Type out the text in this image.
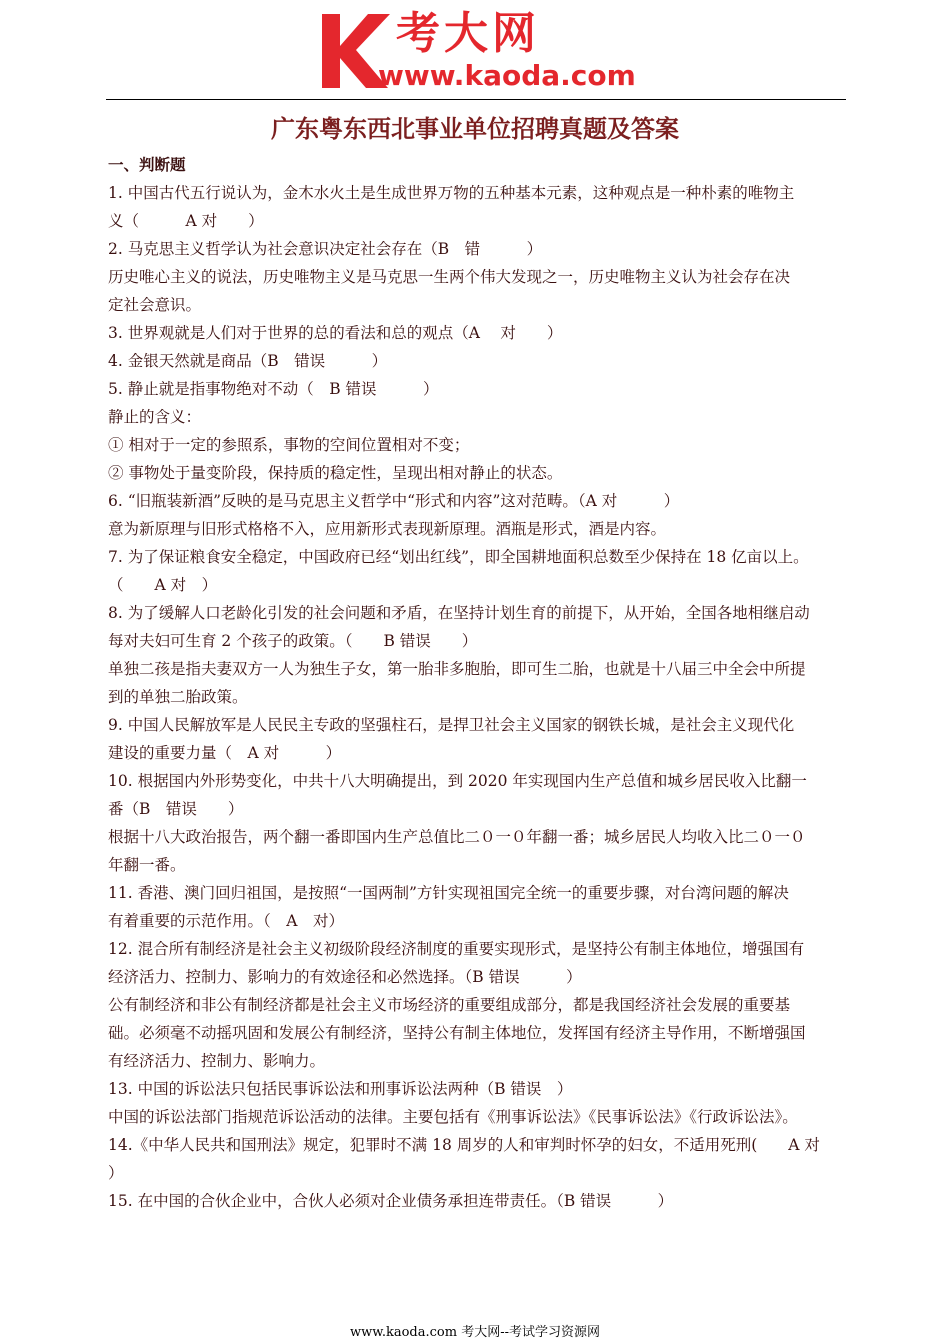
考大网
www.kaoda.com
广东粤东西北事业单位招聘真题及答案
一、判断题
1. 中国古代五行说认为，金木水火土是生成世界万物的五种基本元素，这种观点是一种朴素的唯物主
义（　　　A 对　　）
2. 马克思主义哲学认为社会意识决定社会存在（B　错　　　）
历史唯心主义的说法，历史唯物主义是马克思一生两个伟大发现之一，历史唯物主义认为社会存在决
定社会意识。
3. 世界观就是人们对于世界的总的看法和总的观点（A　 对　　）
4. 金银天然就是商品（B　错误　　　）
5. 静止就是指事物绝对不动（　B 错误　　　）
静止的含义：
① 相对于一定的参照系，事物的空间位置相对不变；
② 事物处于量变阶段，保持质的稳定性，呈现出相对静止的状态。
6. “旧瓶装新酒”反映的是马克思主义哲学中“形式和内容”这对范畴。（A 对　　　）
意为新原理与旧形式格格不入，应用新形式表现新原理。酒瓶是形式，酒是内容。
7. 为了保证粮食安全稳定，中国政府已经“划出红线”，即全国耕地面积总数至少保持在 18 亿亩以上。
（　　A 对　）
8. 为了缓解人口老龄化引发的社会问题和矛盾，在坚持计划生育的前提下，从开始，全国各地相继启动
每对夫妇可生育 2 个孩子的政策。（　　B 错误　　）
单独二孩是指夫妻双方一人为独生子女，第一胎非多胞胎，即可生二胎，也就是十八届三中全会中所提
到的单独二胎政策。
9. 中国人民解放军是人民民主专政的坚强柱石，是捍卫社会主义国家的钢铁长城，是社会主义现代化
建设的重要力量（　A 对　　　）
10. 根据国内外形势变化，中共十八大明确提出，到 2020 年实现国内生产总值和城乡居民收入比翻一
番（B　错误　　）
根据十八大政治报告，两个翻一番即国内生产总值比二０一０年翻一番；城乡居民人均收入比二０一０
年翻一番。
11. 香港、澳门回归祖国，是按照“一国两制”方针实现祖国完全统一的重要步骤，对台湾问题的解决
有着重要的示范作用。（　A　对）
12. 混合所有制经济是社会主义初级阶段经济制度的重要实现形式，是坚持公有制主体地位，增强国有
经济活力、控制力、影响力的有效途径和必然选择。（B 错误　　　）
公有制经济和非公有制经济都是社会主义市场经济的重要组成部分，都是我国经济社会发展的重要基
础。必须毫不动摇巩固和发展公有制经济，坚持公有制主体地位，发挥国有经济主导作用，不断增强国
有经济活力、控制力、影响力。
13. 中国的诉讼法只包括民事诉讼法和刑事诉讼法两种（B 错误　）
中国的诉讼法部门指规范诉讼活动的法律。主要包括有《刑事诉讼法》《民事诉讼法》《行政诉讼法》。
14.《中华人民共和国刑法》规定，犯罪时不满 18 周岁的人和审判时怀孕的妇女，不适用死刑(　　A 对
）
15. 在中国的合伙企业中，合伙人必须对企业债务承担连带责任。（B 错误　　　）
www.kaoda.com 考大网--考试学习资源网
